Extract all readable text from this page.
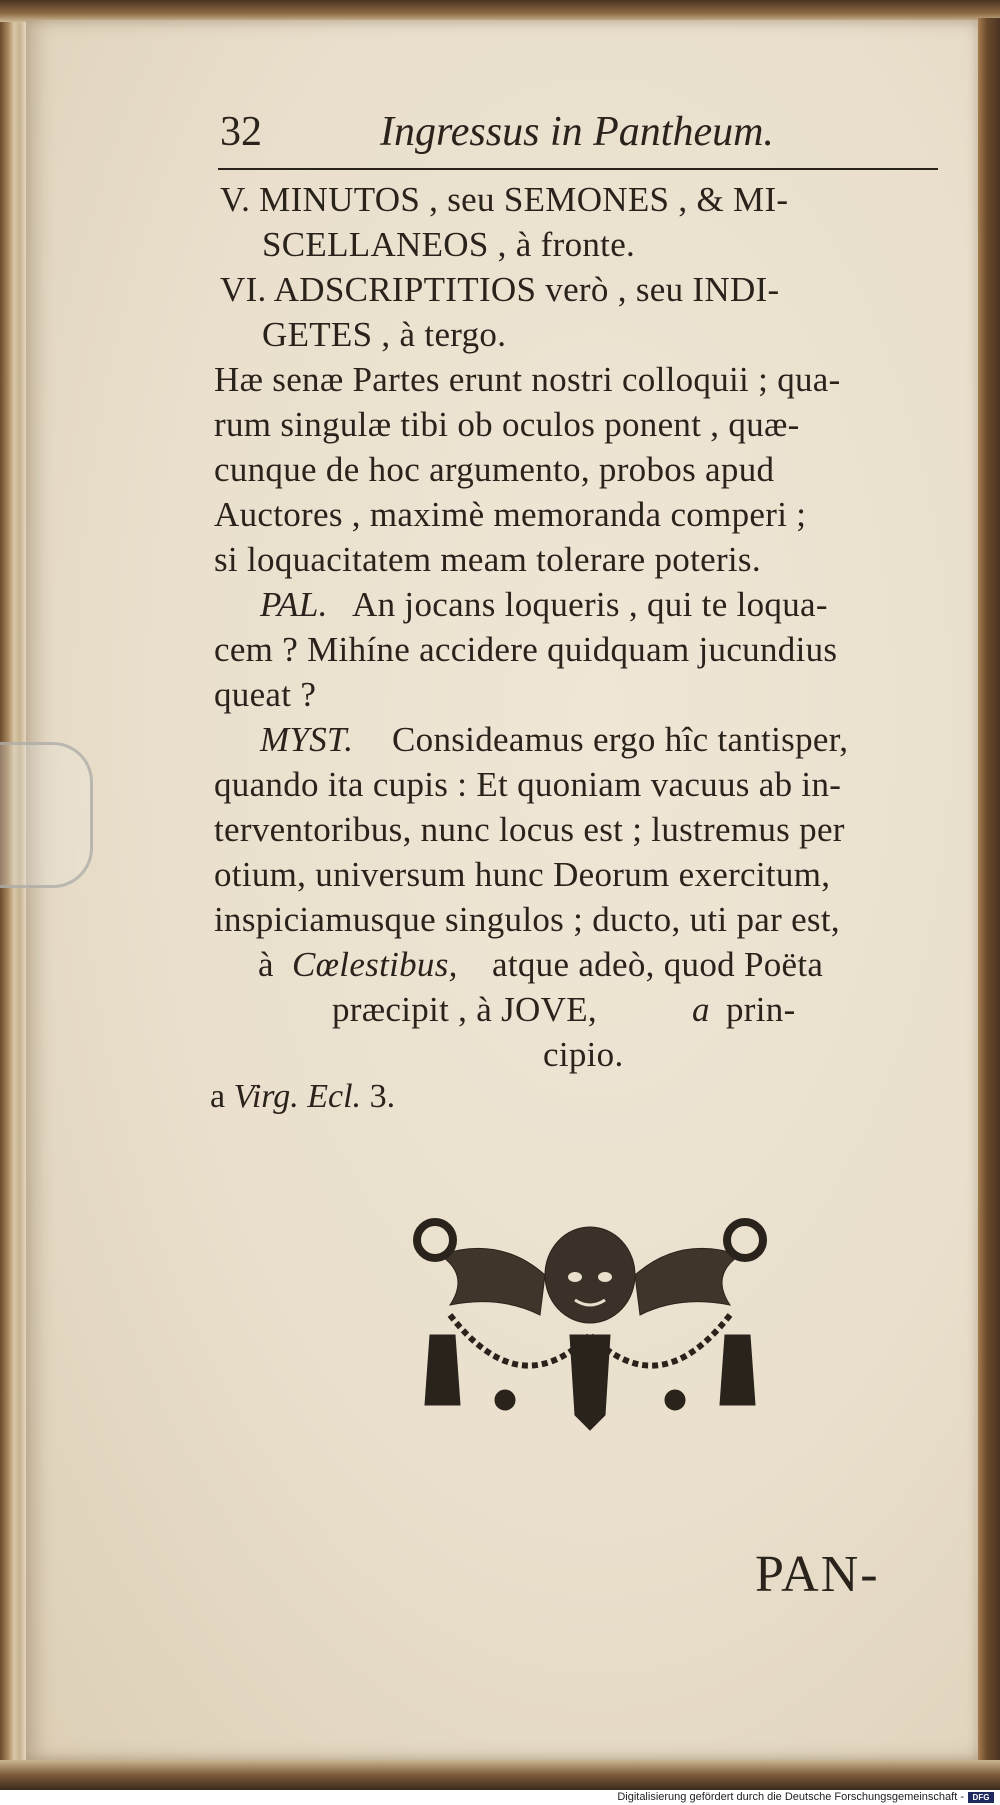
32	Ingressus in Pantheum.
V. MINUTOS , seu SEMONES , & MI-
SCELLANEOS , à fronte.
VI. ADSCRIPTITIOS verò , seu INDI-
GETES , à tergo.
Hæ senæ Partes erunt nostri colloquii ; qua-
rum singulæ tibi ob oculos ponent , quæ-
cunque de hoc argumento, probos apud
Auctores , maximè memoranda comperi ;
si loquacitatem meam tolerare poteris.
PAL. An jocans loqueris , qui te loqua-
cem ? Mihíne accidere quidquam jucundius
queat ?
MYST. Considеamus ergo hîc tantisper,
quando ita cupis : Et quoniam vacuus ab in-
terventoribus, nunc locus est ; lustremus per
otium, universum hunc Deorum exercitum,
inspiciamusque singulos ; ducto, uti par est,
à Cœlestibus, atque adeò, quod Poëta
præcipit , à JOVE,	a prin-
cipio.
a Virg. Ecl. 3.
PAN-
Digitalisierung gefördert durch die Deutsche Forschungsgemeinschaft - DFG
